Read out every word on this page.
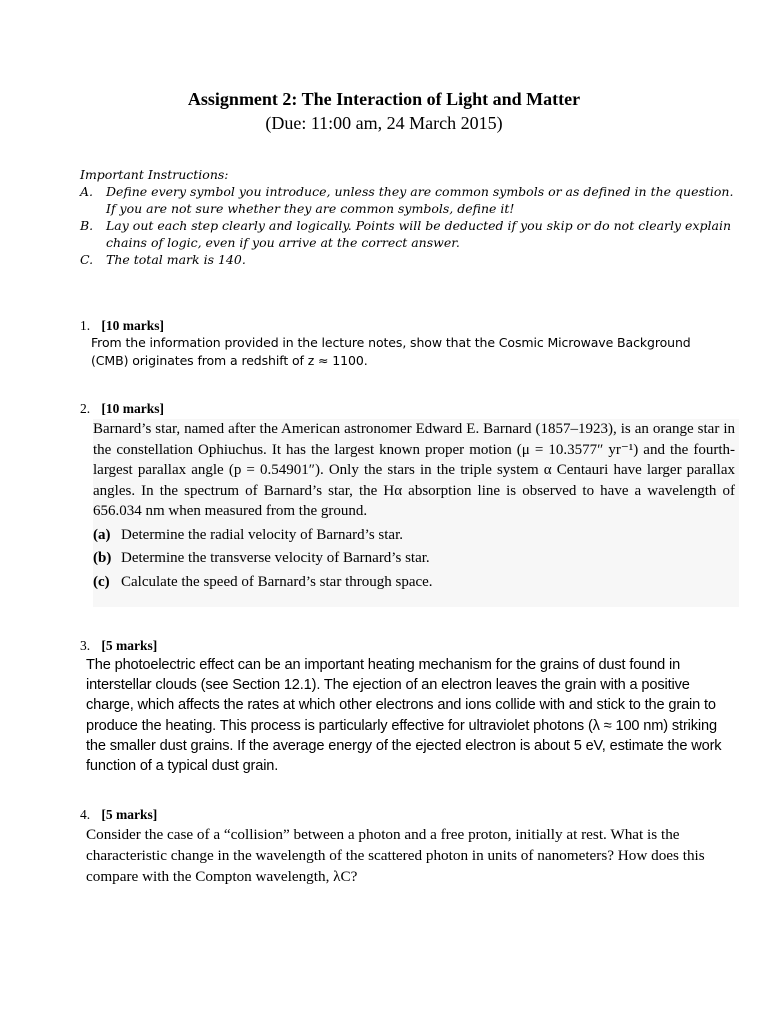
Assignment 2: The Interaction of Light and Matter
(Due: 11:00 am, 24 March 2015)
Important Instructions:
A. Define every symbol you introduce, unless they are common symbols or as defined in the question. If you are not sure whether they are common symbols, define it!
B. Lay out each step clearly and logically. Points will be deducted if you skip or do not clearly explain chains of logic, even if you arrive at the correct answer.
C. The total mark is 140.
1. [10 marks]
From the information provided in the lecture notes, show that the Cosmic Microwave Background (CMB) originates from a redshift of z ≈ 1100.
2. [10 marks]
Barnard’s star, named after the American astronomer Edward E. Barnard (1857–1923), is an orange star in the constellation Ophiuchus. It has the largest known proper motion (μ = 10.3577″ yr⁻¹) and the fourth-largest parallax angle (p = 0.54901″). Only the stars in the triple system α Centauri have larger parallax angles. In the spectrum of Barnard’s star, the Hα absorption line is observed to have a wavelength of 656.034 nm when measured from the ground.
(a) Determine the radial velocity of Barnard’s star.
(b) Determine the transverse velocity of Barnard’s star.
(c) Calculate the speed of Barnard’s star through space.
3. [5 marks]
The photoelectric effect can be an important heating mechanism for the grains of dust found in interstellar clouds (see Section 12.1). The ejection of an electron leaves the grain with a positive charge, which affects the rates at which other electrons and ions collide with and stick to the grain to produce the heating. This process is particularly effective for ultraviolet photons (λ ≈ 100 nm) striking the smaller dust grains. If the average energy of the ejected electron is about 5 eV, estimate the work function of a typical dust grain.
4. [5 marks]
Consider the case of a “collision” between a photon and a free proton, initially at rest. What is the characteristic change in the wavelength of the scattered photon in units of nanometers? How does this compare with the Compton wavelength, λC?
